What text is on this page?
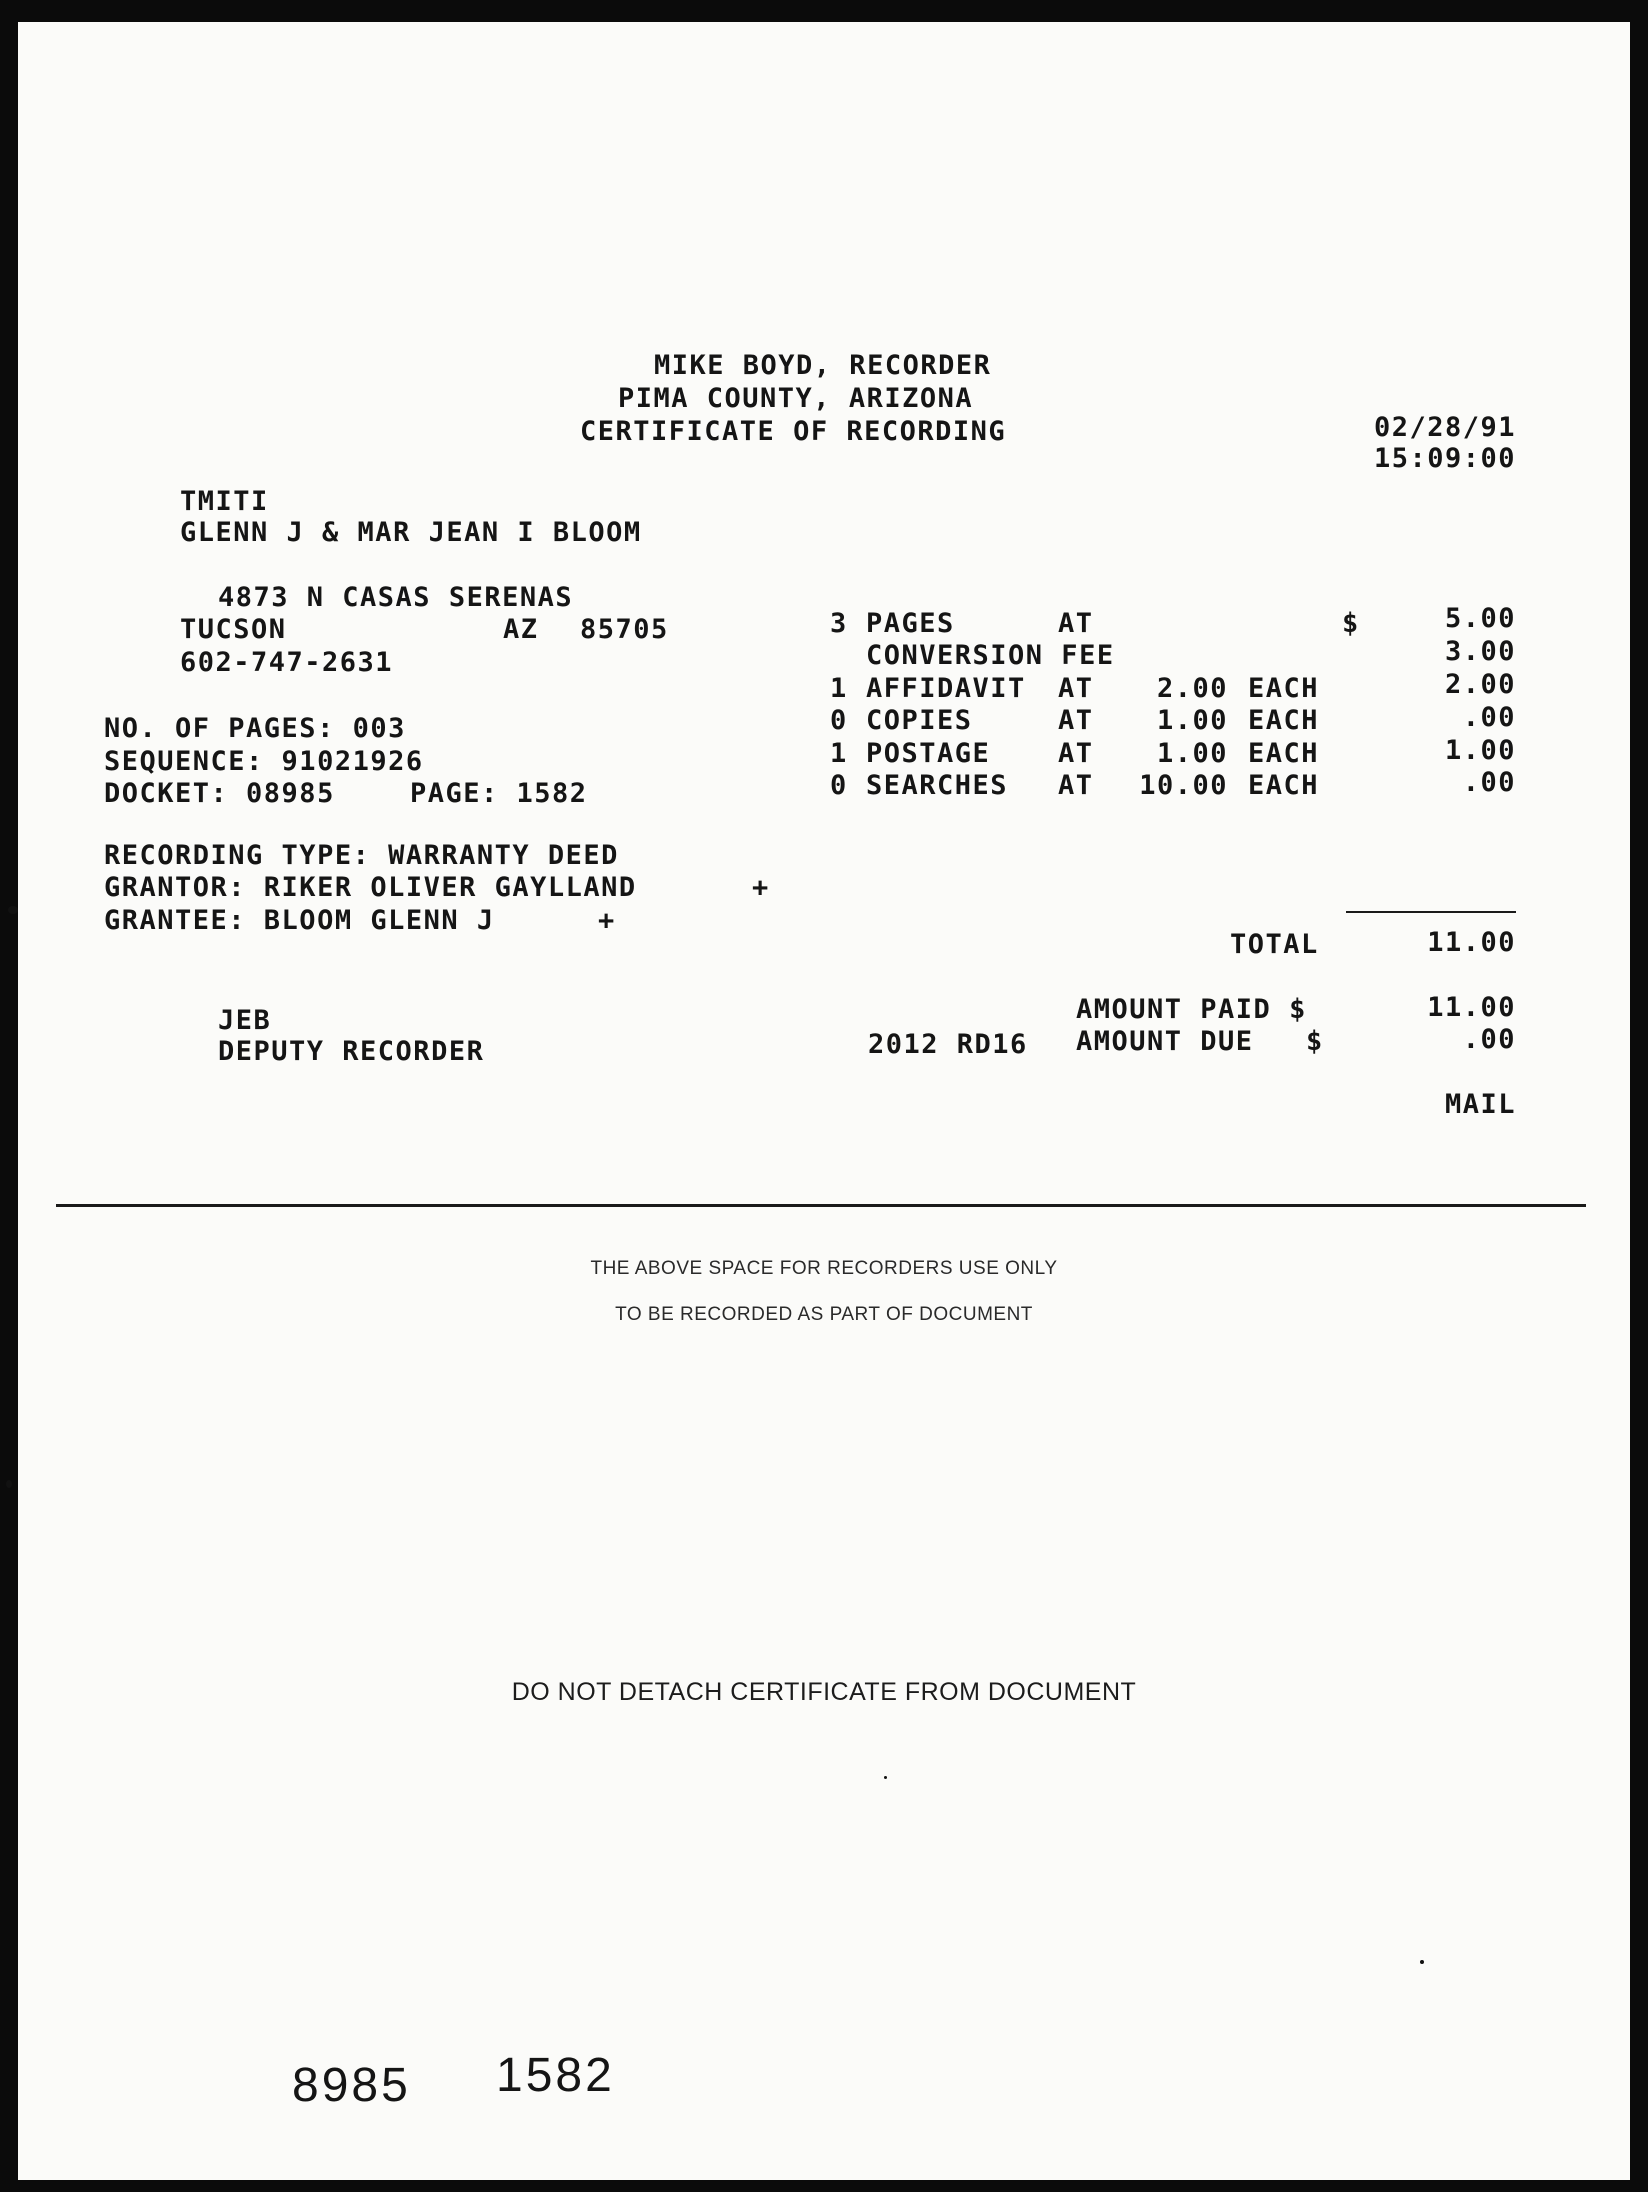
MIKE BOYD, RECORDER
PIMA COUNTY, ARIZONA
CERTIFICATE OF RECORDING	02/28/91
15:09:00
TMITI
GLENN J & MAR JEAN I BLOOM
4873 N CASAS SERENAS
TUCSON	AZ 85705
602-747-2631
NO. OF PAGES: 003
SEQUENCE: 91021926
DOCKET: 08985	PAGE: 1582
RECORDING TYPE: WARRANTY DEED
GRANTOR: RIKER OLIVER GAYLLAND	+
GRANTEE: BLOOM GLENN J	+
$
3 PAGES	AT	5.00
CONVERSION FEE	3.00
1 AFFIDAVIT AT	2.00 EACH	2.00
0 COPIES	AT	1.00 EACH	.00
1 POSTAGE	AT	1.00 EACH	1.00
0 SEARCHES AT	10.00 EACH	.00
TOTAL	11.00
AMOUNT PAID $	11.00
AMOUNT DUE $	.00
MAIL
JEB
DEPUTY RECORDER	2012 RD16
THE ABOVE SPACE FOR RECORDERS USE ONLY
TO BE RECORDED AS PART OF DOCUMENT
DO NOT DETACH CERTIFICATE FROM DOCUMENT
8985 1582
